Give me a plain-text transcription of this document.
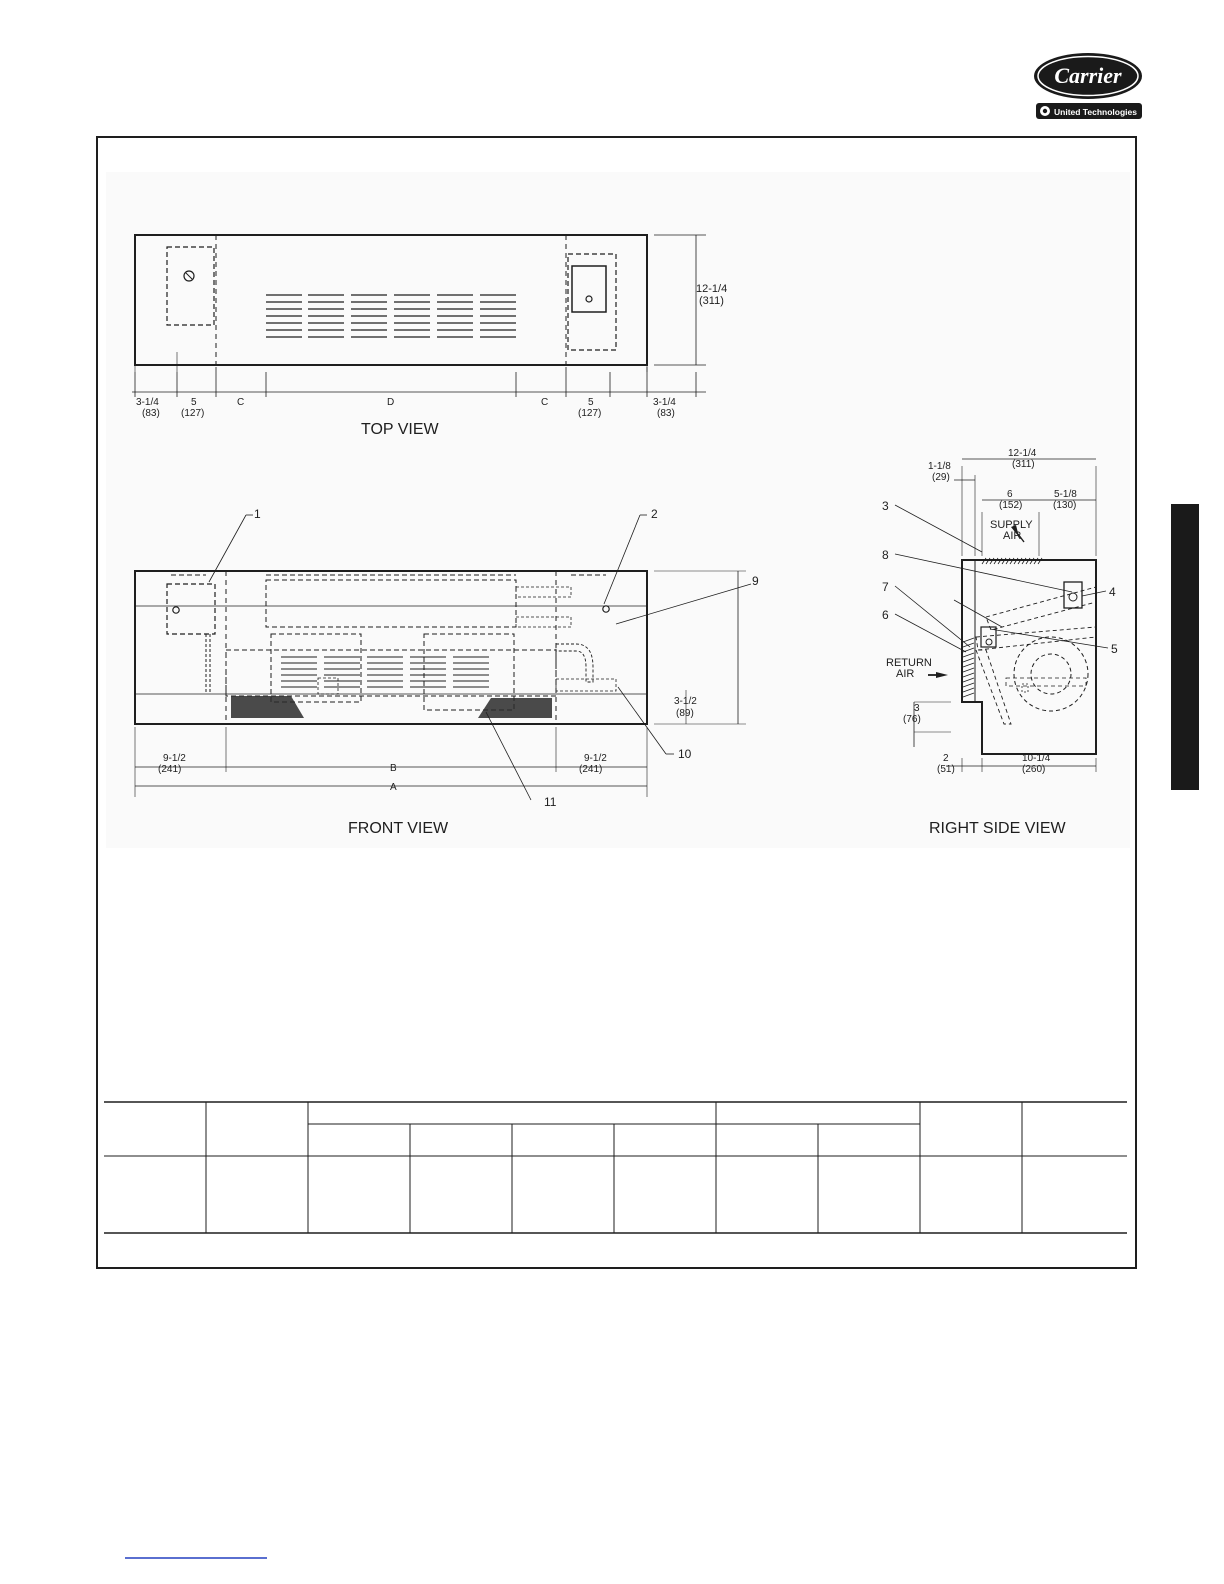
Carrier
United Technologies
12-1/4
(311)
3-1/4
(83)
5
(127)
C	D	C	5
(127)
3-1/4
(83)
TOP VIEW
1	2
9
10
11
3-1/2
(89)
9-1/2
(241)	B
9-1/2
(241)
A
FRONT VIEW
12-1/4
(311)
1-1/8
(29)
6
(152)
5-1/8
(130)
SUPPLY
AIR
RETURN
AIR
3
(76)
2
(51)
10-1/4
(260)
3
8
7
6
4
5
RIGHT SIDE VIEW
